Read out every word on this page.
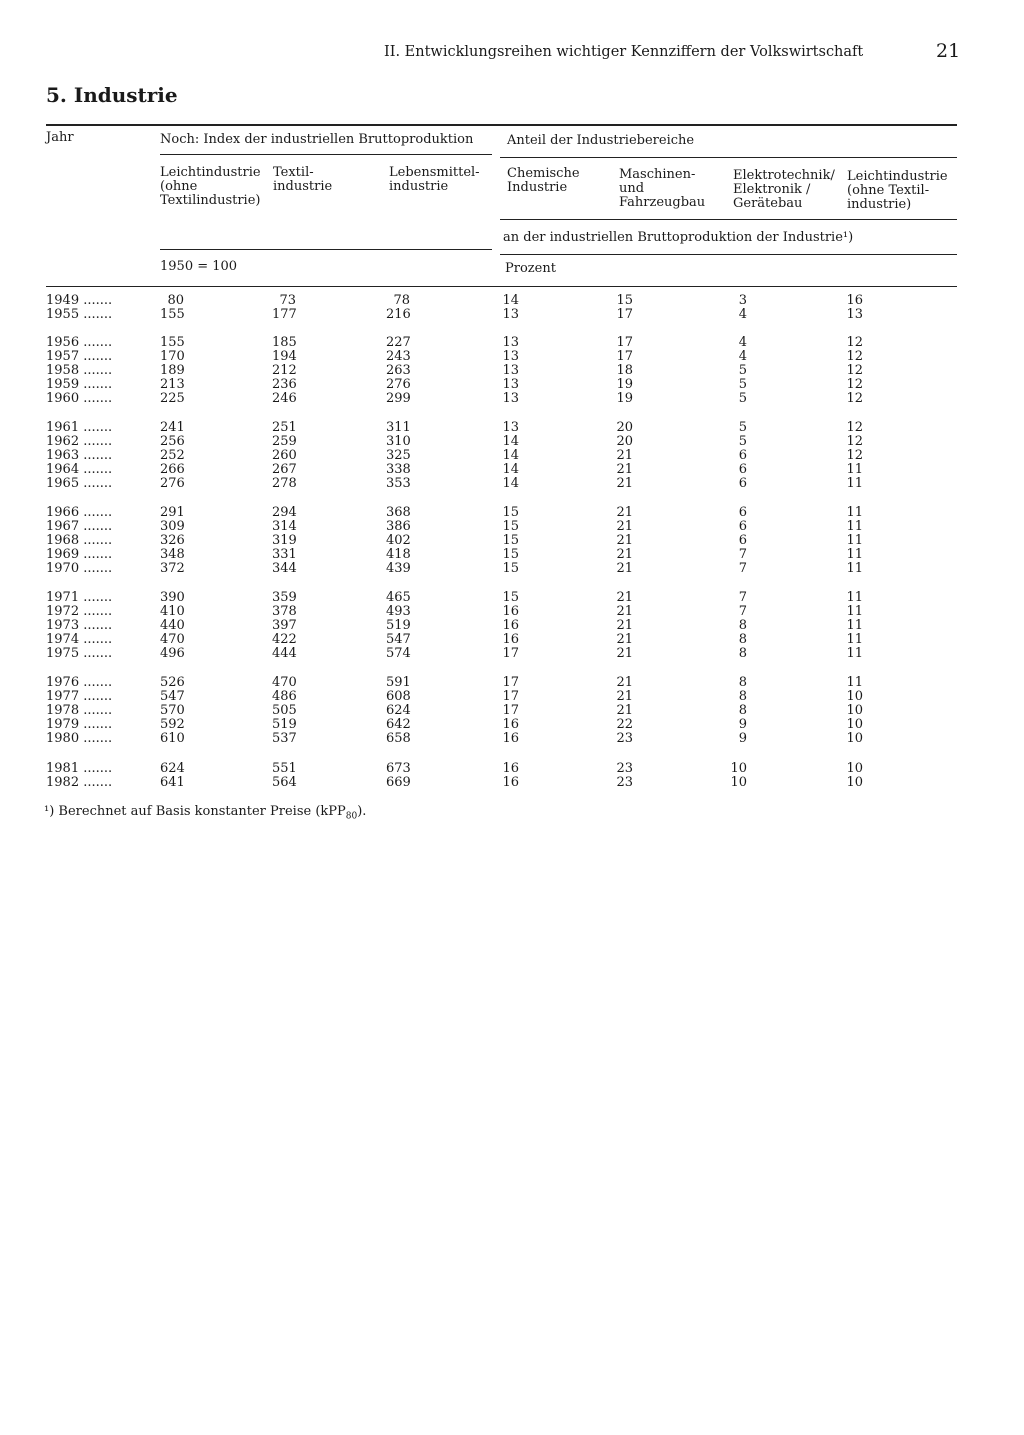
II. Entwicklungsreihen wichtiger Kennziffern der Volkswirtschaft	21
5. Industrie
Jahr	Noch: Index der industriellen Bruttoproduktion	Anteil der Industriebereiche
Leichtindustrie
(ohne
Textilindustrie)
Textil-
industrie
Lebensmittel-
industrie
Chemische
Industrie
Maschinen-
und
Fahrzeugbau
Elektrotechnik/
Elektronik /
Gerätebau
Leichtindustrie
(ohne Textil-
industrie)
an der industriellen Bruttoproduktion der Industrie¹)
1950 = 100	Prozent
1949 .......	80	73	78	14	15	3	16
1955 .......	155	177	216	13	17	4	13
1956 .......	155	185	227	13	17	4	12
1957 .......	170	194	243	13	17	4	12
1958 .......	189	212	263	13	18	5	12
1959 .......	213	236	276	13	19	5	12
1960 .......	225	246	299	13	19	5	12
1961 .......	241	251	311	13	20	5	12
1962 .......	256	259	310	14	20	5	12
1963 .......	252	260	325	14	21	6	12
1964 .......	266	267	338	14	21	6	11
1965 .......	276	278	353	14	21	6	11
1966 .......	291	294	368	15	21	6	11
1967 .......	309	314	386	15	21	6	11
1968 .......	326	319	402	15	21	6	11
1969 .......	348	331	418	15	21	7	11
1970 .......	372	344	439	15	21	7	11
1971 .......	390	359	465	15	21	7	11
1972 .......	410	378	493	16	21	7	11
1973 .......	440	397	519	16	21	8	11
1974 .......	470	422	547	16	21	8	11
1975 .......	496	444	574	17	21	8	11
1976 .......	526	470	591	17	21	8	11
1977 .......	547	486	608	17	21	8	10
1978 .......	570	505	624	17	21	8	10
1979 .......	592	519	642	16	22	9	10
1980 .......	610	537	658	16	23	9	10
1981 .......	624	551	673	16	23	10	10
1982 .......	641	564	669	16	23	10	10
¹) Berechnet auf Basis konstanter Preise (kPP$_{80}$).
